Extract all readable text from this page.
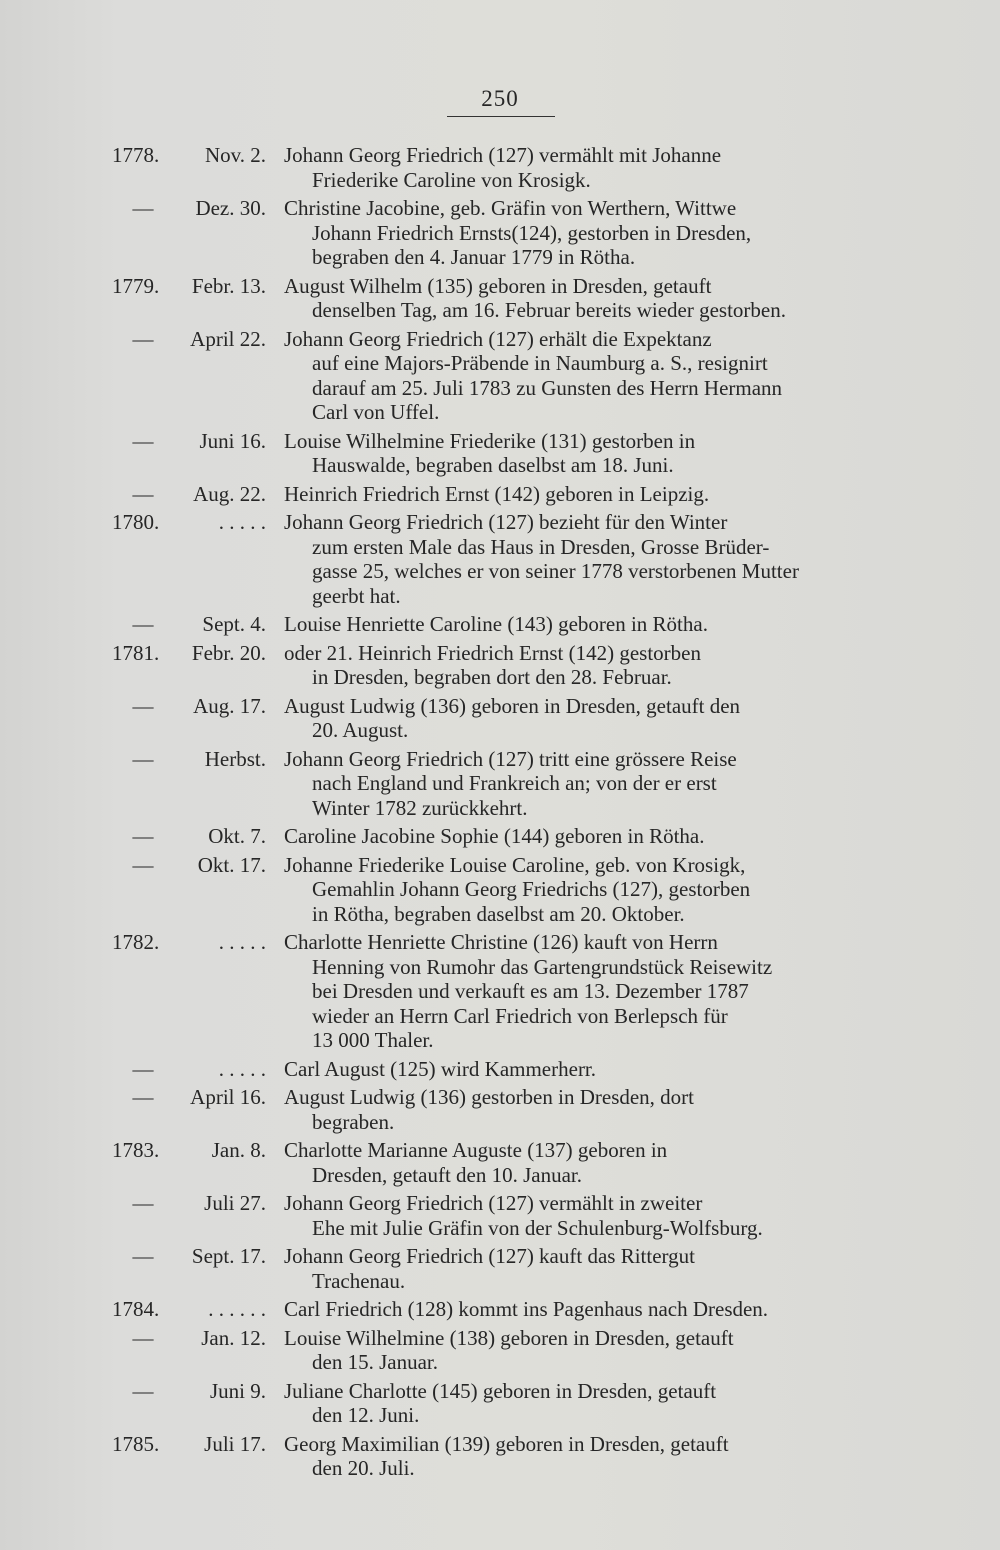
250
1778. Nov. 2. Johann Georg Friedrich (127) vermählt mit Johanne
Friederike Caroline von Krosigk.
— Dez. 30. Christine Jacobine, geb. Gräfin von Werthern, Wittwe
Johann Friedrich Ernsts(124), gestorben in Dresden,
begraben den 4. Januar 1779 in Rötha.
1779. Febr. 13. August Wilhelm (135) geboren in Dresden, getauft
denselben Tag, am 16. Februar bereits wieder gestorben.
— April 22. Johann Georg Friedrich (127) erhält die Expektanz
auf eine Majors-Präbende in Naumburg a. S., resignirt
darauf am 25. Juli 1783 zu Gunsten des Herrn Hermann
Carl von Uffel.
— Juni 16. Louise Wilhelmine Friederike (131) gestorben in
Hauswalde, begraben daselbst am 18. Juni.
— Aug. 22. Heinrich Friedrich Ernst (142) geboren in Leipzig.
1780.	. . . . . Johann Georg Friedrich (127) bezieht für den Winter
zum ersten Male das Haus in Dresden, Grosse Brüder-
gasse 25, welches er von seiner 1778 verstorbenen Mutter
geerbt hat.
— Sept. 4. Louise Henriette Caroline (143) geboren in Rötha.
1781. Febr. 20. oder 21. Heinrich Friedrich Ernst (142) gestorben
in Dresden, begraben dort den 28. Februar.
— Aug. 17. August Ludwig (136) geboren in Dresden, getauft den
20. August.
— Herbst. Johann Georg Friedrich (127) tritt eine grössere Reise
nach England und Frankreich an; von der er erst
Winter 1782 zurückkehrt.
—	Okt. 7. Caroline Jacobine Sophie (144) geboren in Rötha.
— Okt. 17. Johanne Friederike Louise Caroline, geb. von Krosigk,
Gemahlin Johann Georg Friedrichs (127), gestorben
in Rötha, begraben daselbst am 20. Oktober.
1782.	. . . . . Charlotte Henriette Christine (126) kauft von Herrn
Henning von Rumohr das Gartengrundstück Reisewitz
bei Dresden und verkauft es am 13. Dezember 1787
wieder an Herrn Carl Friedrich von Berlepsch für
13 000 Thaler.
—	. . . . . Carl August (125) wird Kammerherr.
— April 16. August Ludwig (136) gestorben in Dresden, dort
begraben.
1783.	Jan. 8. Charlotte Marianne Auguste (137) geboren in
Dresden, getauft den 10. Januar.
— Juli 27. Johann Georg Friedrich (127) vermählt in zweiter
Ehe mit Julie Gräfin von der Schulenburg-Wolfsburg.
— Sept. 17. Johann Georg Friedrich (127) kauft das Rittergut
Trachenau.
1784. . . . . . . Carl Friedrich (128) kommt ins Pagenhaus nach Dresden.
— Jan. 12. Louise Wilhelmine (138) geboren in Dresden, getauft
den 15. Januar.
—	Juni 9. Juliane Charlotte (145) geboren in Dresden, getauft
den 12. Juni.
1785. Juli 17. Georg Maximilian (139) geboren in Dresden, getauft
den 20. Juli.
